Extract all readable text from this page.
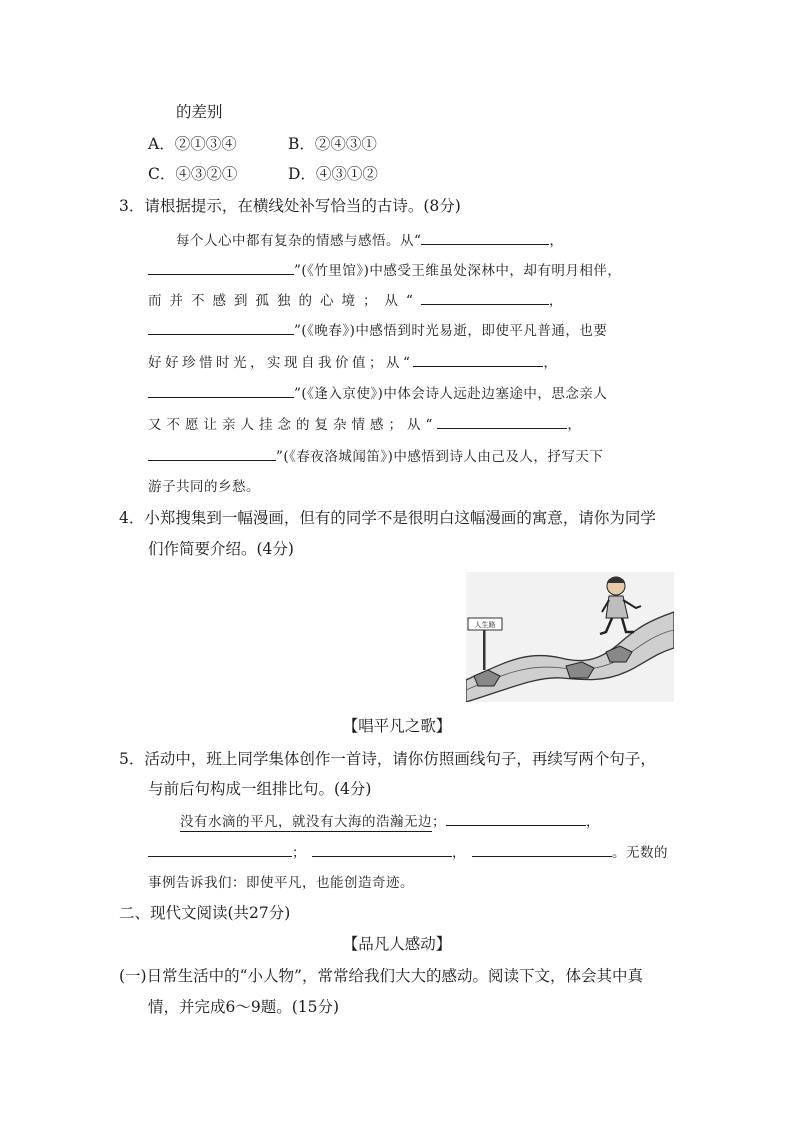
的差别
A．②①③④	B．②④③①
C．④③②①	D．④③①②
3．请根据提示，在横线处补写恰当的古诗。(8分)
每个人心中都有复杂的情感与感悟。从“	，
”(《竹里馆》)中感受王维虽处深林中，却有明月相伴，
而并不感到孤独的心境；从“	，
”(《晚春》)中感悟到时光易逝，即使平凡普通，也要
好好珍惜时光，实现自我价值；从“	，
”(《逢入京使》)中体会诗人远赴边塞途中，思念亲人
又不愿让亲人挂念的复杂情感；从“	，
”(《春夜洛城闻笛》)中感悟到诗人由己及人，抒写天下
游子共同的乡愁。
4．小郑搜集到一幅漫画，但有的同学不是很明白这幅漫画的寓意，请你为同学
们作简要介绍。(4分)
人生路
【唱平凡之歌】
5．活动中，班上同学集体创作一首诗，请你仿照画线句子，再续写两个句子，
与前后句构成一组排比句。(4分)
没有水滴的平凡，就没有大海的浩瀚无边；	，
；	，	。无数的
事例告诉我们：即使平凡，也能创造奇迹。
二、现代文阅读(共27分)
【品凡人感动】
(一)日常生活中的“小人物”，常常给我们大大的感动。阅读下文，体会其中真
情，并完成6～9题。(15分)
